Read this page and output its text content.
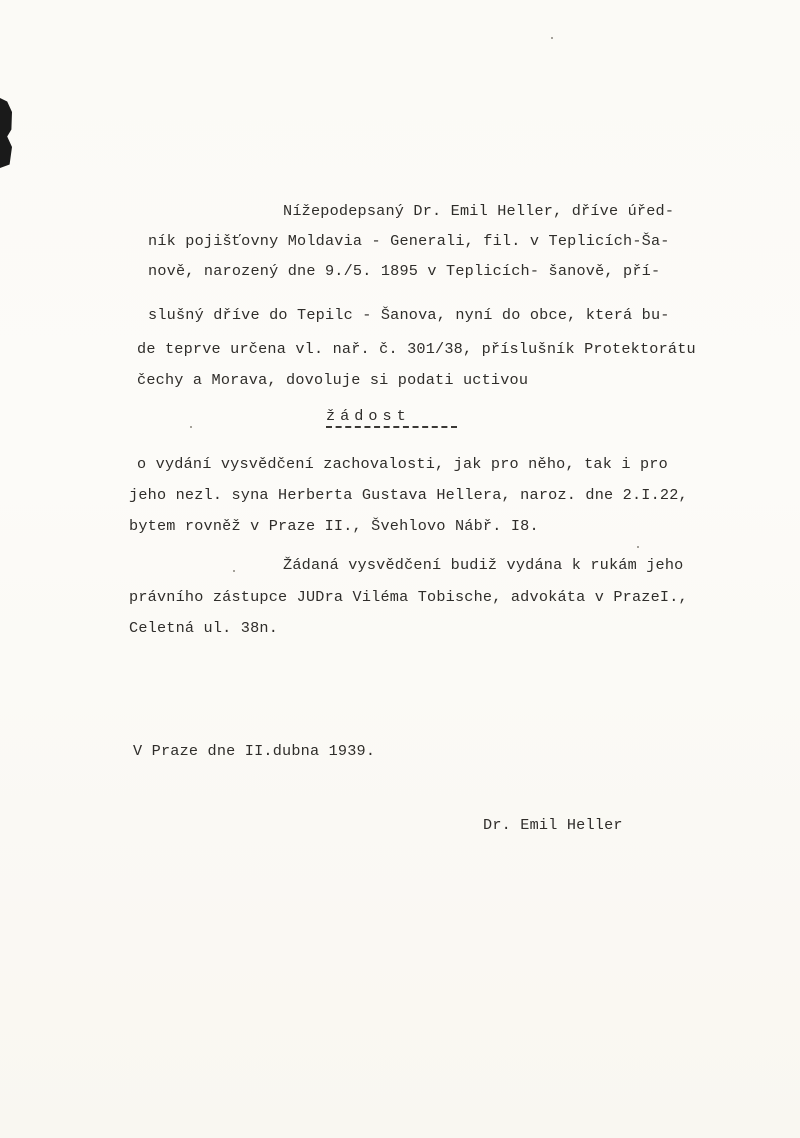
Nížepodepsaný Dr. Emil Heller, dříve úřed-
ník pojišťovny Moldavia - Generali, fil. v Teplicích-Ša-
nově, narozený dne 9./5. 1895 v Teplicích- šanově, pří-
slušný dříve do Tepilc - Šanova, nyní do obce, která bu-
de teprve určena vl. nař. č. 301/38, příslušník Protektorátu
čechy a Morava, dovoluje si podati uctivou
žádost
o vydání vysvědčení zachovalosti, jak pro něho, tak i pro
jeho nezl. syna Herberta Gustava Hellera, naroz. dne 2.I.22,
bytem rovněž v Praze II., Švehlovo Nábř. I8.
Žádaná vysvědčení budiž vydána k rukám jeho
právního zástupce JUDra Viléma Tobische, advokáta v PrazeI.,
Celetná ul. 38n.
V Praze dne II.dubna 1939.
Dr. Emil Heller
